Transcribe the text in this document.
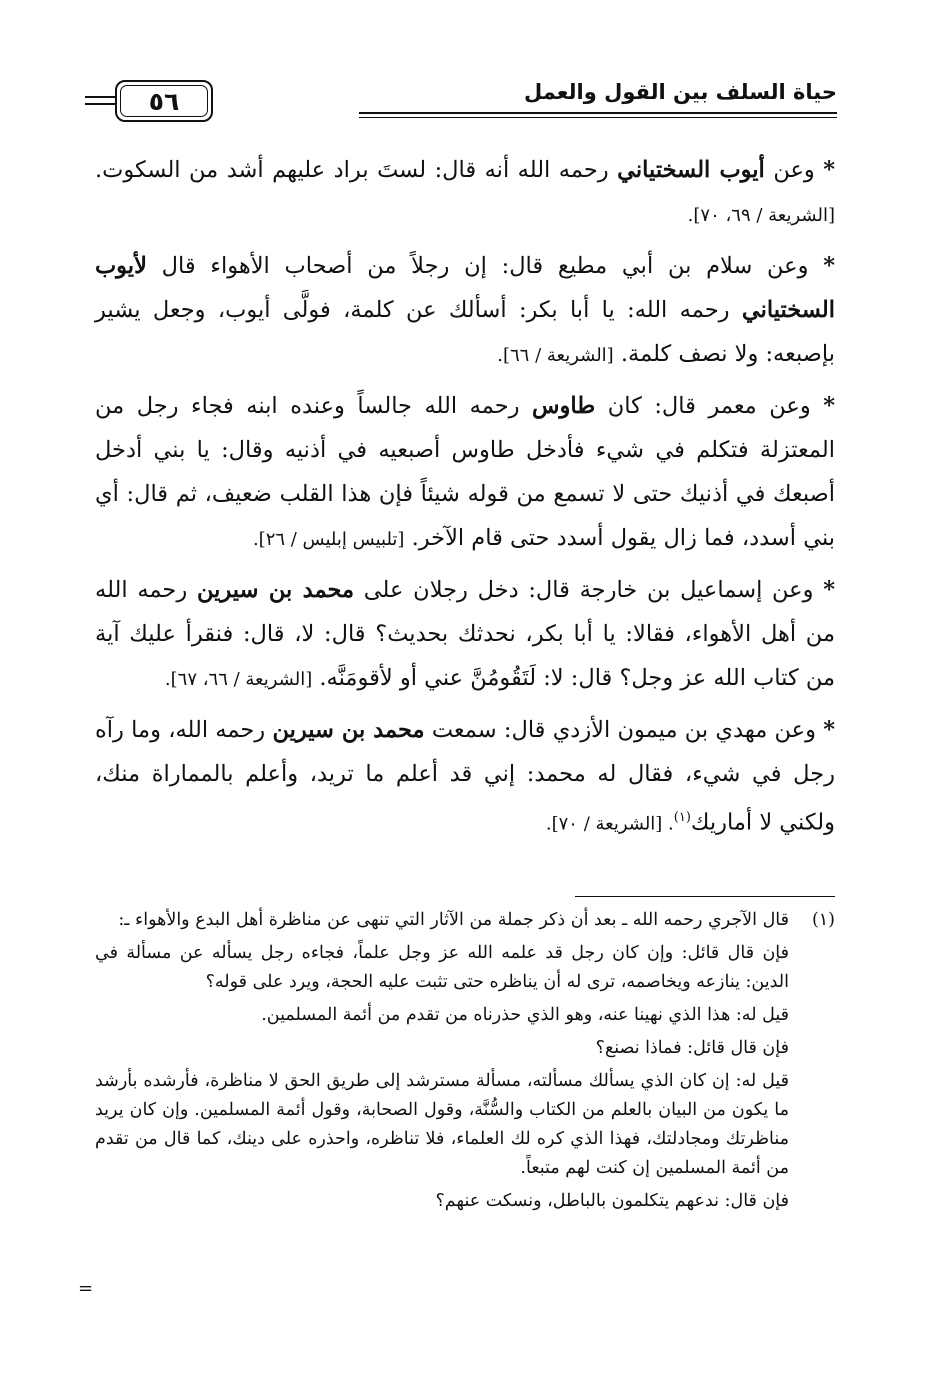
حياة السلف بين القول والعمل
٥٦

* وعن أيوب السختياني رحمه الله أنه قال: لستَ براد عليهم أشد من السكوت. [الشريعة / ٦٩، ٧٠].

* وعن سلام بن أبي مطيع قال: إن رجلاً من أصحاب الأهواء قال لأيوب السختياني رحمه الله: يا أبا بكر: أسألك عن كلمة، فولَّى أيوب، وجعل يشير بإصبعه: ولا نصف كلمة. [الشريعة / ٦٦].

* وعن معمر قال: كان طاوس رحمه الله جالساً وعنده ابنه فجاء رجل من المعتزلة فتكلم في شيء فأدخل طاوس أصبعيه في أذنيه وقال: يا بني أدخل أصبعك في أذنيك حتى لا تسمع من قوله شيئاً فإن هذا القلب ضعيف، ثم قال: أي بني أسدد، فما زال يقول أسدد حتى قام الآخر. [تلبيس إبليس / ٢٦].

* وعن إسماعيل بن خارجة قال: دخل رجلان على محمد بن سيرين رحمه الله من أهل الأهواء، فقالا: يا أبا بكر، نحدثك بحديث؟ قال: لا، قال: فنقرأ عليك آية من كتاب الله عز وجل؟ قال: لا: لَتَقُومُنَّ عني أو لأقومَنَّه. [الشريعة / ٦٦، ٦٧].

* وعن مهدي بن ميمون الأزدي قال: سمعت محمد بن سيرين رحمه الله، وما رآه رجل في شيء، فقال له محمد: إني قد أعلم ما تريد، وأعلم بالمماراة منك، ولكني لا أماريك$^{(١)}$. [الشريعة / ٧٠].

(١)
قال الآجري رحمه الله ـ بعد أن ذكر جملة من الآثار التي تنهى عن مناظرة أهل البدع والأهواء ـ:

فإن قال قائل: وإن كان رجل قد علمه الله عز وجل علماً، فجاءه رجل يسأله عن مسألة في الدين: ينازعه ويخاصمه، ترى له أن يناظره حتى تثبت عليه الحجة، ويرد على قوله؟

قيل له: هذا الذي نهينا عنه، وهو الذي حذرناه من تقدم من أئمة المسلمين.

فإن قال قائل: فماذا نصنع؟

قيل له: إن كان الذي يسألك مسألته، مسألة مسترشد إلى طريق الحق لا مناظرة، فأرشده بأرشد ما يكون من البيان بالعلم من الكتاب والسُّنَّة، وقول الصحابة، وقول أئمة المسلمين. وإن كان يريد مناظرتك ومجادلتك، فهذا الذي كره لك العلماء، فلا تناظره، واحذره على دينك، كما قال من تقدم من أئمة المسلمين إن كنت لهم متبعاً.

فإن قال: ندعهم يتكلمون بالباطل، ونسكت عنهم؟

=
